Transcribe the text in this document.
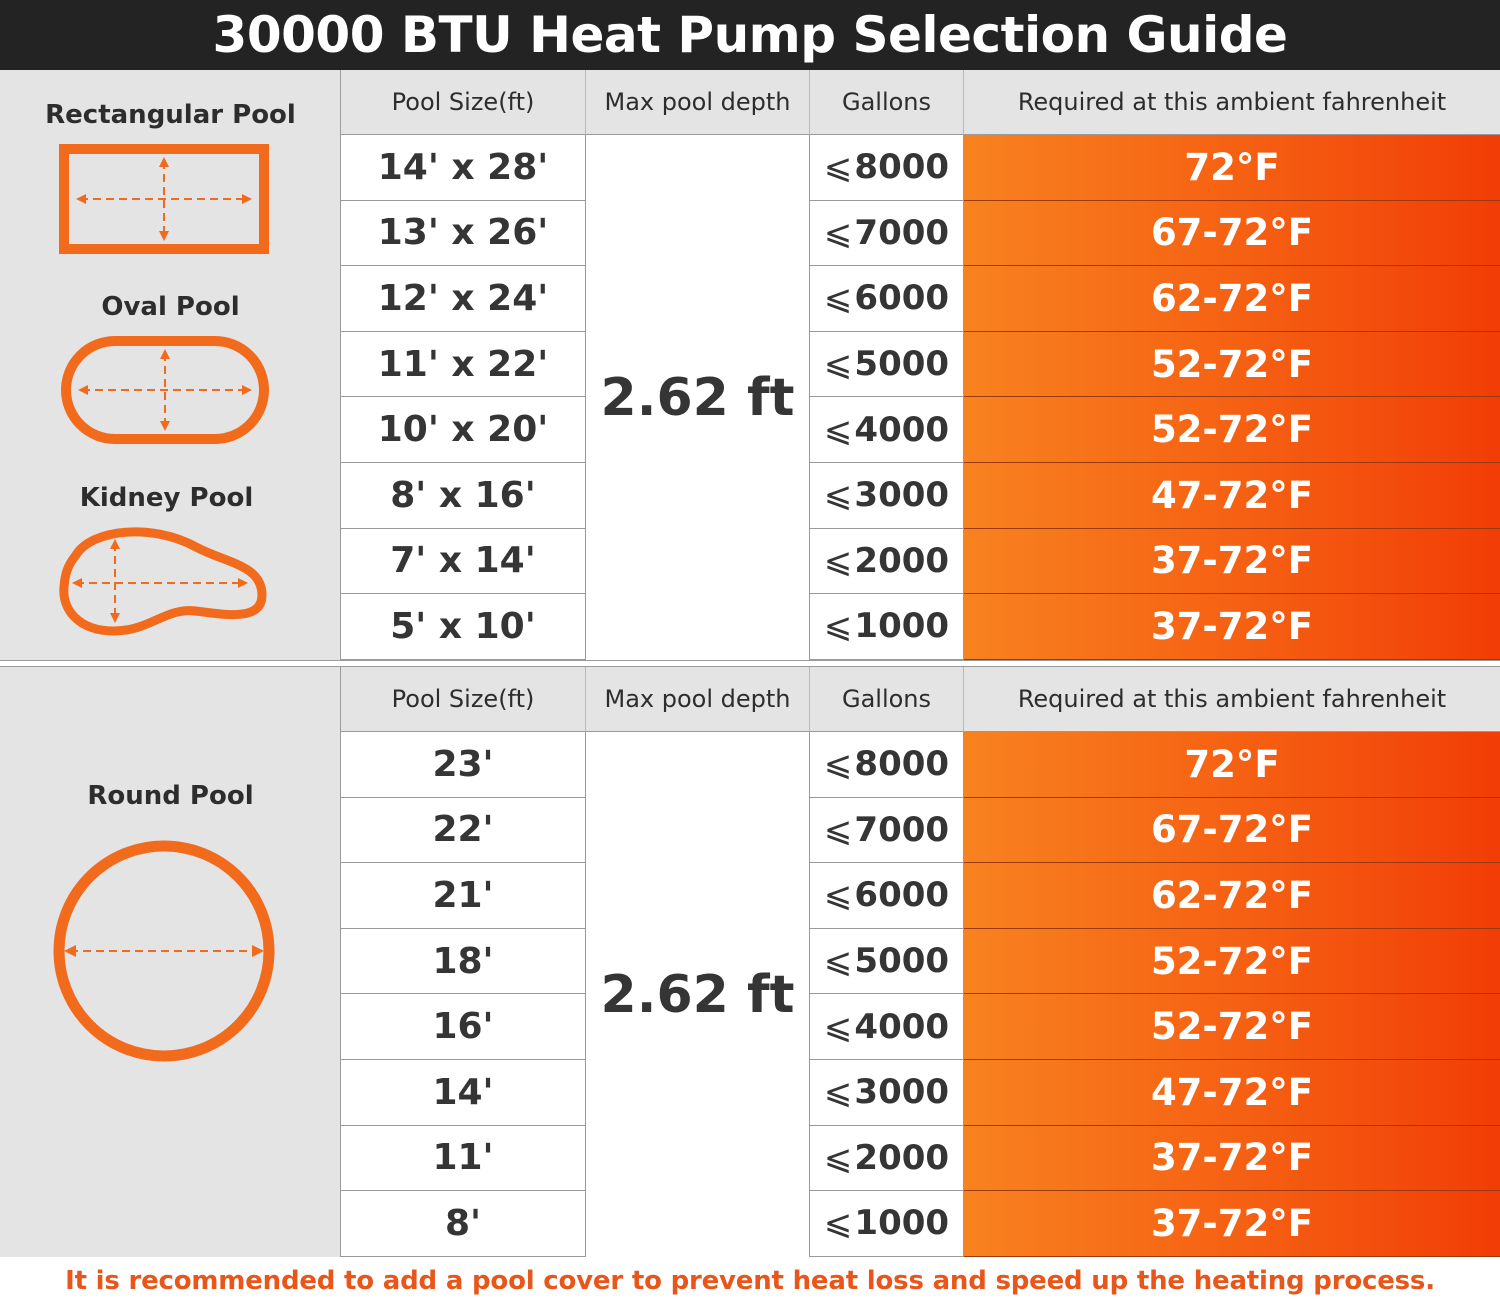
30000 BTU Heat Pump Selection Guide
Rectangular Pool
Oval Pool
Kidney Pool
Pool Size(ft)	Max pool depth	Gallons	Required at this ambient fahrenheit
2.62 ft
14' x 28'	⩽ 8000	72°F
13' x 26'	⩽ 7000	67-72°F
12' x 24'	⩽ 6000	62-72°F
11' x 22'	⩽ 5000	52-72°F
10' x 20'	⩽ 4000	52-72°F
8' x 16'	⩽ 3000	47-72°F
7' x 14'	⩽ 2000	37-72°F
5' x 10'	⩽ 1000	37-72°F
Round Pool
Pool Size(ft)	Max pool depth	Gallons	Required at this ambient fahrenheit
2.62 ft
23'	⩽ 8000	72°F
22'	⩽ 7000	67-72°F
21'	⩽ 6000	62-72°F
18'	⩽ 5000	52-72°F
16'	⩽ 4000	52-72°F
14'	⩽ 3000	47-72°F
11'	⩽ 2000	37-72°F
8'	⩽ 1000	37-72°F
It is recommended to add a pool cover to prevent heat loss and speed up the heating process.
